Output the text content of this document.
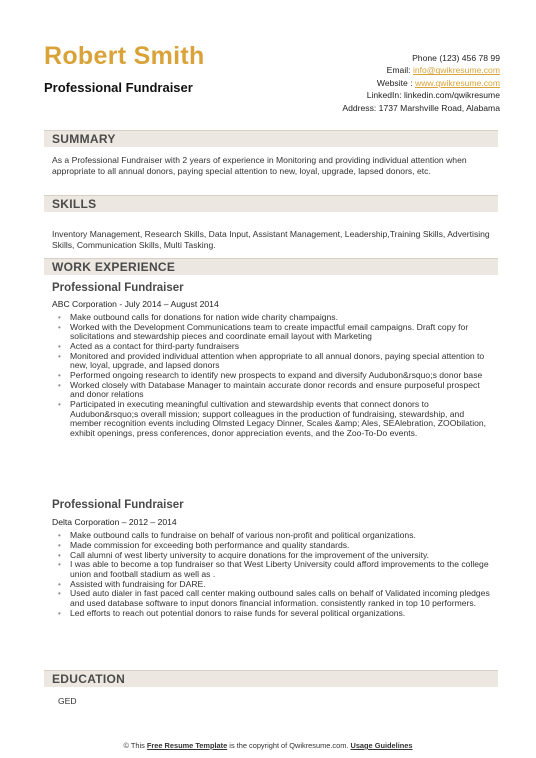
Robert Smith
Professional Fundraiser
Phone (123) 456 78 99
Email: info@qwikresume.com
Website : www.qwikresume.com
LinkedIn: linkedin.com/qwikresume
Address: 1737 Marshville Road, Alabama
SUMMARY
As a Professional Fundraiser with 2 years of experience in Monitoring and providing individual attention when appropriate to all annual donors, paying special attention to new, loyal, upgrade, lapsed donors, etc.
SKILLS
Inventory Management, Research Skills, Data Input, Assistant Management, Leadership,Training Skills, Advertising Skills, Communication Skills, Multi Tasking.
WORK EXPERIENCE
Professional Fundraiser
ABC Corporation - July 2014 – August 2014
• Make outbound calls for donations for nation wide charity champaigns.
• Worked with the Development Communications team to create impactful email campaigns. Draft copy for solicitations and stewardship pieces and coordinate email layout with Marketing
• Acted as a contact for third-party fundraisers
• Monitored and provided individual attention when appropriate to all annual donors, paying special attention to new, loyal, upgrade, and lapsed donors
• Performed ongoing research to identify new prospects to expand and diversify Audubon&rsquo;s donor base
• Worked closely with Database Manager to maintain accurate donor records and ensure purposeful prospect and donor relations
• Participated in executing meaningful cultivation and stewardship events that connect donors to Audubon&rsquo;s overall mission; support colleagues in the production of fundraising, stewardship, and member recognition events including Olmsted Legacy Dinner, Scales &amp; Ales, SEAlebration, ZOObilation, exhibit openings, press conferences, donor appreciation events, and the Zoo-To-Do events.
Professional Fundraiser
Delta Corporation – 2012 – 2014
• Make outbound calls to fundraise on behalf of various non-profit and political organizations.
• Made commission for exceeding both performance and quality standards.
• Call alumni of west liberty university to acquire donations for the improvement of the university.
• I was able to become a top fundraiser so that West Liberty University could afford improvements to the college union and football stadium as well as .
• Assisted with fundraising for DARE.
• Used auto dialer in fast paced call center making outbound sales calls on behalf of Validated incoming pledges and used database software to input donors financial information. consistently ranked in top 10 performers.
• Led efforts to reach out potential donors to raise funds for several political organizations.
EDUCATION
GED
© This Free Resume Template is the copyright of Qwikresume.com. Usage Guidelines
